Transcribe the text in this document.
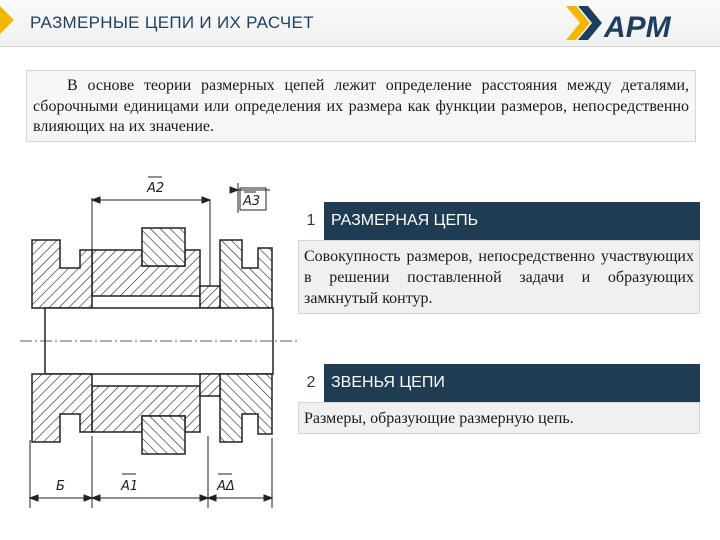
РАЗМЕРНЫЕ ЦЕПИ И ИХ РАСЧЕТ	АРМ
В основе теории размерных цепей лежит определение расстояния между деталями, сборочными единицами или определения их размера как функции размеров, непосредственно влияющих на их значение.
A2
A3
A1
Б	AΔ
1 РАЗМЕРНАЯ ЦЕПЬ
Совокупность размеров, непосредственно участвующих в решении поставленной задачи и образующих замкнутый контур.
2 ЗВЕНЬЯ ЦЕПИ
Размеры, образующие размерную цепь.
